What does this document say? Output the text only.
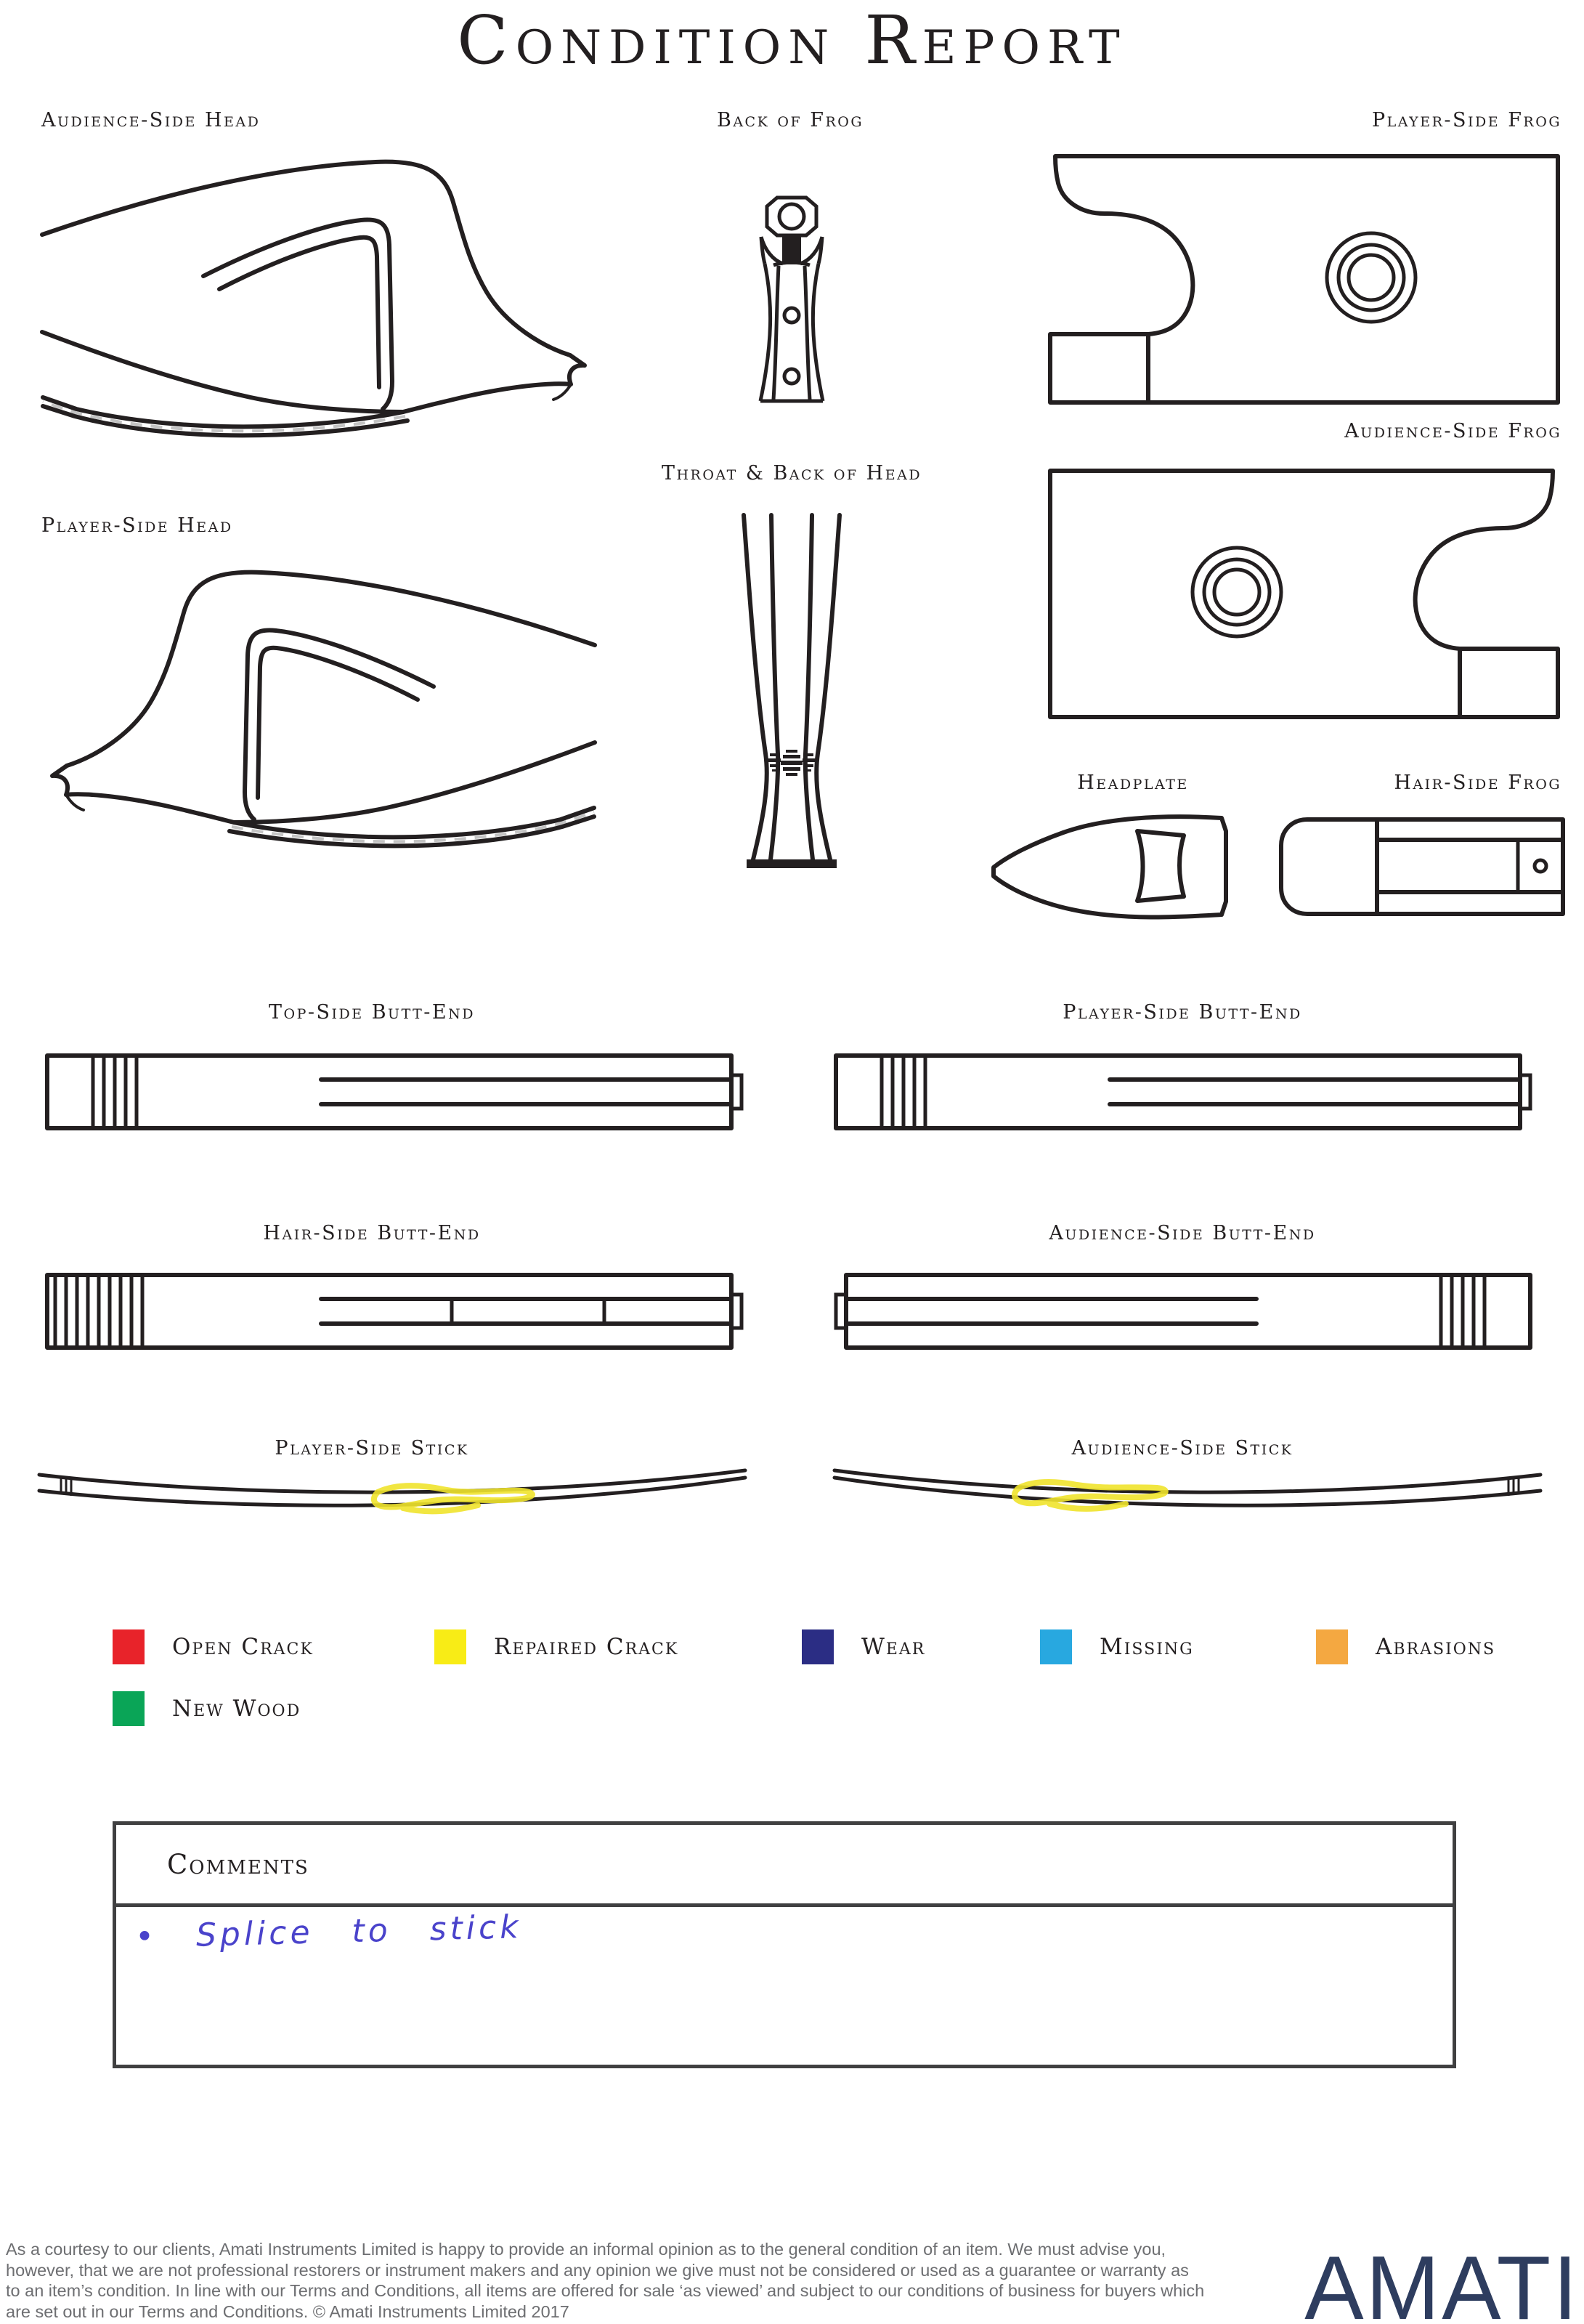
Condition Report
Audience-Side Head	Back of Frog	Player-Side Frog
Audience-Side Frog
Player-Side Head
Throat & Back of Head
Headplate	Hair-Side Frog
Top-Side Butt-End	Player-Side Butt-End
Hair-Side Butt-End	Audience-Side Butt-End
Player-Side Stick	Audience-Side Stick
Open Crack	Repaired Crack	Wear	Missing	Abrasions
New Wood
Comments
• Splice to stick
As a courtesy to our clients, Amati Instruments Limited is happy to provide an informal opinion as to the general condition of an item. We must advise you, however, that we are not professional restorers or instrument makers and any opinion we give must not be considered or used as a guarantee or warranty as to an item’s condition. In line with our Terms and Conditions, all items are offered for sale ‘as viewed’ and subject to our conditions of business for buyers which are set out in our Terms and Conditions. © Amati Instruments Limited 2017	AMATI
